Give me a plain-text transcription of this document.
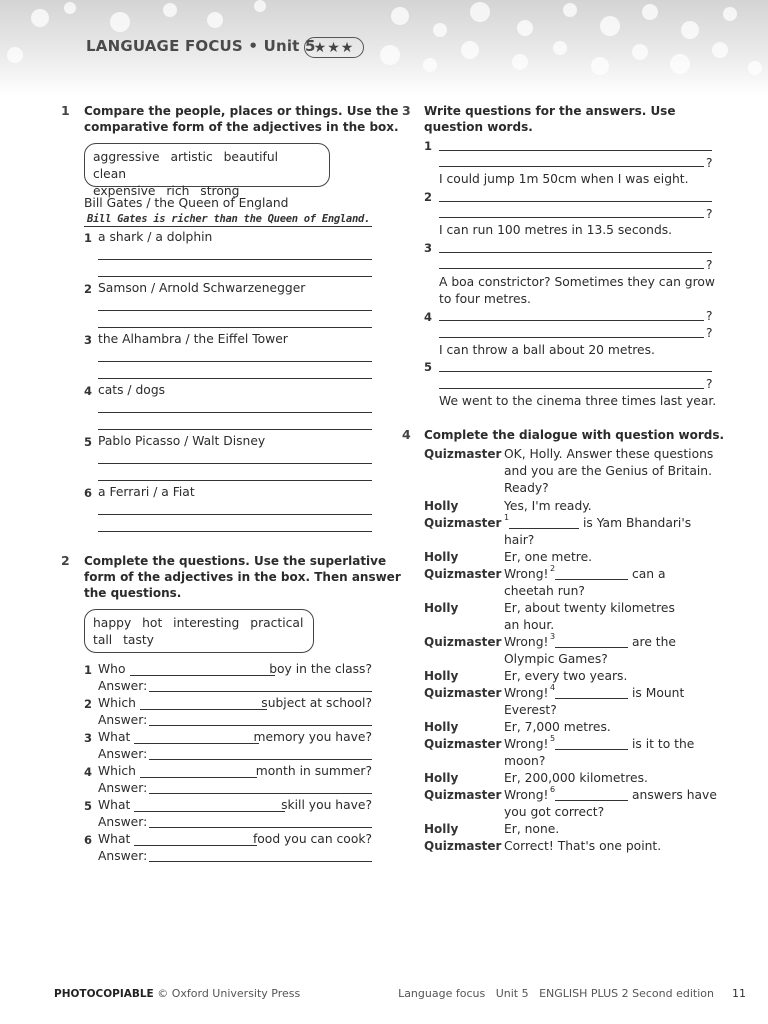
LANGUAGE FOCUS • Unit 5
★★★
1 Compare the people, places or things. Use the
comparative form of the adjectives in the box.
aggressive artistic beautiful clean
expensive rich strong
Bill Gates / the Queen of England
Bill Gates is richer than the Queen of England.
1 a shark / a dolphin
2 Samson / Arnold Schwarzenegger
3 the Alhambra / the Eiffel Tower
4 cats / dogs
5 Pablo Picasso / Walt Disney
6 a Ferrari / a Fiat
2 Complete the questions. Use the superlative
form of the adjectives in the box. Then answer
the questions.
happy hot interesting practical
tall tasty
1 Who	boy in the class?
Answer:
2 Which	subject at school?
Answer:
3 What	memory you have?
Answer:
4 Which	month in summer?
Answer:
5 What	skill you have?
Answer:
6 What	food you can cook?
Answer:
3 Write questions for the answers. Use
question words.
1
?
I could jump 1m 50cm when I was eight.
2
?
I can run 100 metres in 13.5 seconds.
3
?
A boa constrictor? Sometimes they can grow
to four metres.
4	?
?
I can throw a ball about 20 metres.
5
?
We went to the cinema three times last year.
4 Complete the dialogue with question words.
Quizmaster OK, Holly. Answer these questions
and you are the Genius of Britain.
Ready?
Holly	Yes, I'm ready.
Quizmaster $^1$	is Yam Bhandari's
hair?
Holly	Er, one metre.
Quizmaster Wrong! $^2$	can a
cheetah run?
Holly	Er, about twenty kilometres
an hour.
Quizmaster Wrong! $^3$	are the
Olympic Games?
Holly	Er, every two years.
Quizmaster Wrong! $^4$	is Mount
Everest?
Holly	Er, 7,000 metres.
Quizmaster Wrong! $^5$	is it to the
moon?
Holly	Er, 200,000 kilometres.
Quizmaster Wrong! $^6$	answers have
you got correct?
Holly	Er, none.
Quizmaster Correct! That's one point.
PHOTOCOPIABLE © Oxford University Press	Language focus   Unit 5   ENGLISH PLUS 2 Second edition 11
